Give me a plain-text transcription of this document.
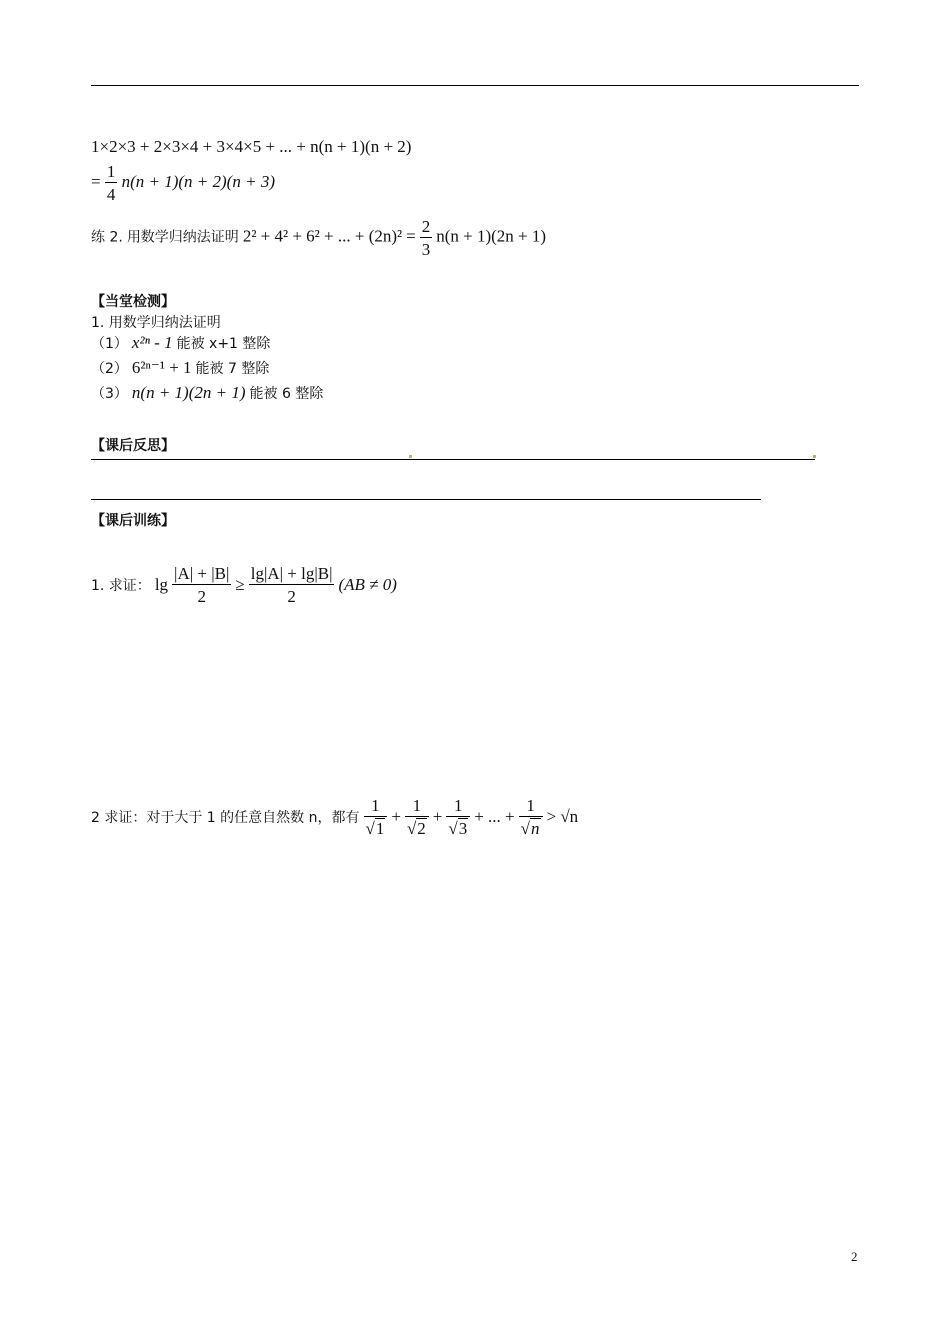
1×2×3 + 2×3×4 + 3×4×5 + ... + n(n + 1)(n + 2)
= $\frac{1}{4} n(n + 1)(n + 2)(n + 3)$
练 2. 用数学归纳法证明 2² + 4² + 6² + ... + $(2n)^2 = \frac{2}{3} n(n + 1)(2n + 1)$
【当堂检测】
1. 用数学归纳法证明
（1） x²ⁿ - 1 能被 x+1 整除
（2） 6²ⁿ⁻¹ + 1 能被 7 整除
（3） n(n + 1)(2n + 1) 能被 6 整除
【课后反思】
【课后训练】
1. 求证： $\lg \frac{|A| + |B|}{2} \ge \frac{\lg|A| + \lg|B|}{2} (AB \ne 0)$
2 求证：对于大于 1 的任意自然数 n，都有 $\frac{1}{√1} + \frac{1}{√2} + \frac{1}{√3}$ + ... + $\frac{1}{√n} > √n$
2
